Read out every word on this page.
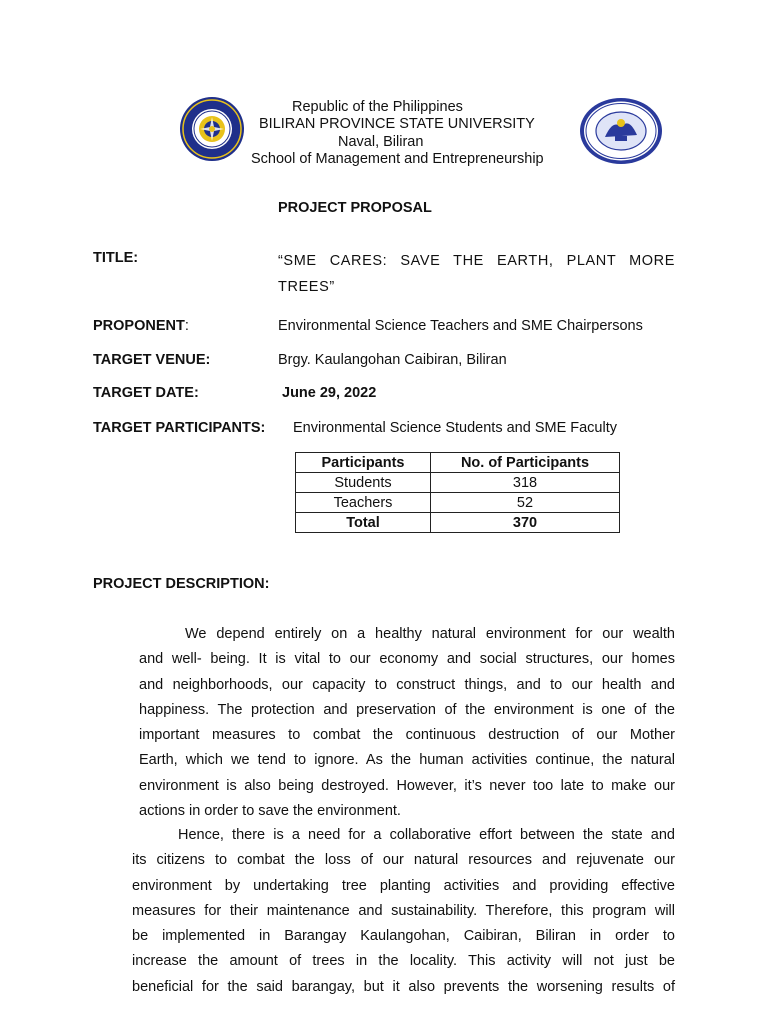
Republic of the Philippines
BILIRAN PROVINCE STATE UNIVERSITY
Naval, Biliran
School of Management and Entrepreneurship
PROJECT PROPOSAL
TITLE:	“SME CARES: SAVE THE EARTH, PLANT MORE
TREES”
PROPONENT:	Environmental Science Teachers and SME Chairpersons
TARGET VENUE:	Brgy. Kaulangohan Caibiran, Biliran
TARGET DATE:	June 29, 2022
TARGET PARTICIPANTS: Environmental Science Students and SME Faculty
Participants	No. of Participants
Students	318
Teachers	52
Total	370
PROJECT DESCRIPTION:
We depend entirely on a healthy natural environment for our wealth
and well- being. It is vital to our economy and social structures, our homes
and neighborhoods, our capacity to construct things, and to our health and
happiness. The protection and preservation of the environment is one of the
important measures to combat the continuous destruction of our Mother
Earth, which we tend to ignore. As the human activities continue, the natural
environment is also being destroyed. However, it’s never too late to make our
actions in order to save the environment.
Hence, there is a need for a collaborative effort between the state and
its citizens to combat the loss of our natural resources and rejuvenate our
environment by undertaking tree planting activities and providing effective
measures for their maintenance and sustainability. Therefore, this program will
be implemented in Barangay Kaulangohan, Caibiran, Biliran in order to
increase the amount of trees in the locality. This activity will not just be
beneficial for the said barangay, but it also prevents the worsening results of
